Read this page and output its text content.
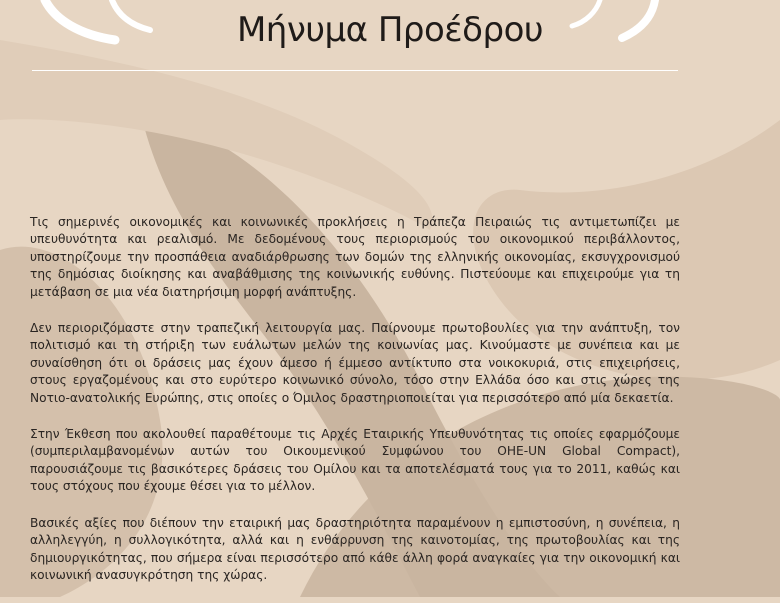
Μήνυμα Προέδρου

Τις σημερινές οικονομικές και κοινωνικές προκλήσεις η Τράπεζα Πειραιώς τις αντιμετωπίζει με υπευθυνότητα και ρεαλισμό. Με δεδομένους τους περιορισμούς του οικονομικού περιβάλλοντος, υποστηρίζουμε την προσπάθεια αναδιάρθρωσης των δομών της ελληνικής οικονομίας, εκσυγχρονισμού της δημόσιας διοίκησης και αναβάθμισης της κοινωνικής ευθύνης. Πιστεύουμε και επιχειρούμε για τη μετάβαση σε μια νέα διατηρήσιμη μορφή ανάπτυξης.

Δεν περιοριζόμαστε στην τραπεζική λειτουργία μας. Παίρνουμε πρωτοβουλίες για την ανάπτυξη, τον πολιτισμό και τη στήριξη των ευάλωτων μελών της κοινωνίας μας. Κινούμαστε με συνέπεια και με συναίσθηση ότι οι δράσεις μας έχουν άμεσο ή έμμεσο αντίκτυπο στα νοικοκυριά, στις επιχειρήσεις, στους εργαζομένους και στο ευρύτερο κοινωνικό σύνολο, τόσο στην Ελλάδα όσο και στις χώρες της Νοτιο-ανατολικής Ευρώπης, στις οποίες ο Όμιλος δραστηριοποιείται για περισσότερο από μία δεκαετία.

Στην Έκθεση που ακολουθεί παραθέτουμε τις Αρχές Εταιρικής Υπευθυνότητας τις οποίες εφαρμόζουμε (συμπεριλαμβανομένων αυτών του Οικουμενικού Συμφώνου του ΟΗΕ-UN Global Compact), παρουσιάζουμε τις βασικότερες δράσεις του Ομίλου και τα αποτελέσματά τους για το 2011, καθώς και τους στόχους που έχουμε θέσει για το μέλλον.

Βασικές αξίες που διέπουν την εταιρική μας δραστηριότητα παραμένουν η εμπιστοσύνη, η συνέπεια, η αλληλεγγύη, η συλλογικότητα, αλλά και η ενθάρρυνση της καινοτομίας, της πρωτοβουλίας και της δημιουργικότητας, που σήμερα είναι περισσότερο από κάθε άλλη φορά αναγκαίες για την οικονομική και κοινωνική ανασυγκρότηση της χώρας.
